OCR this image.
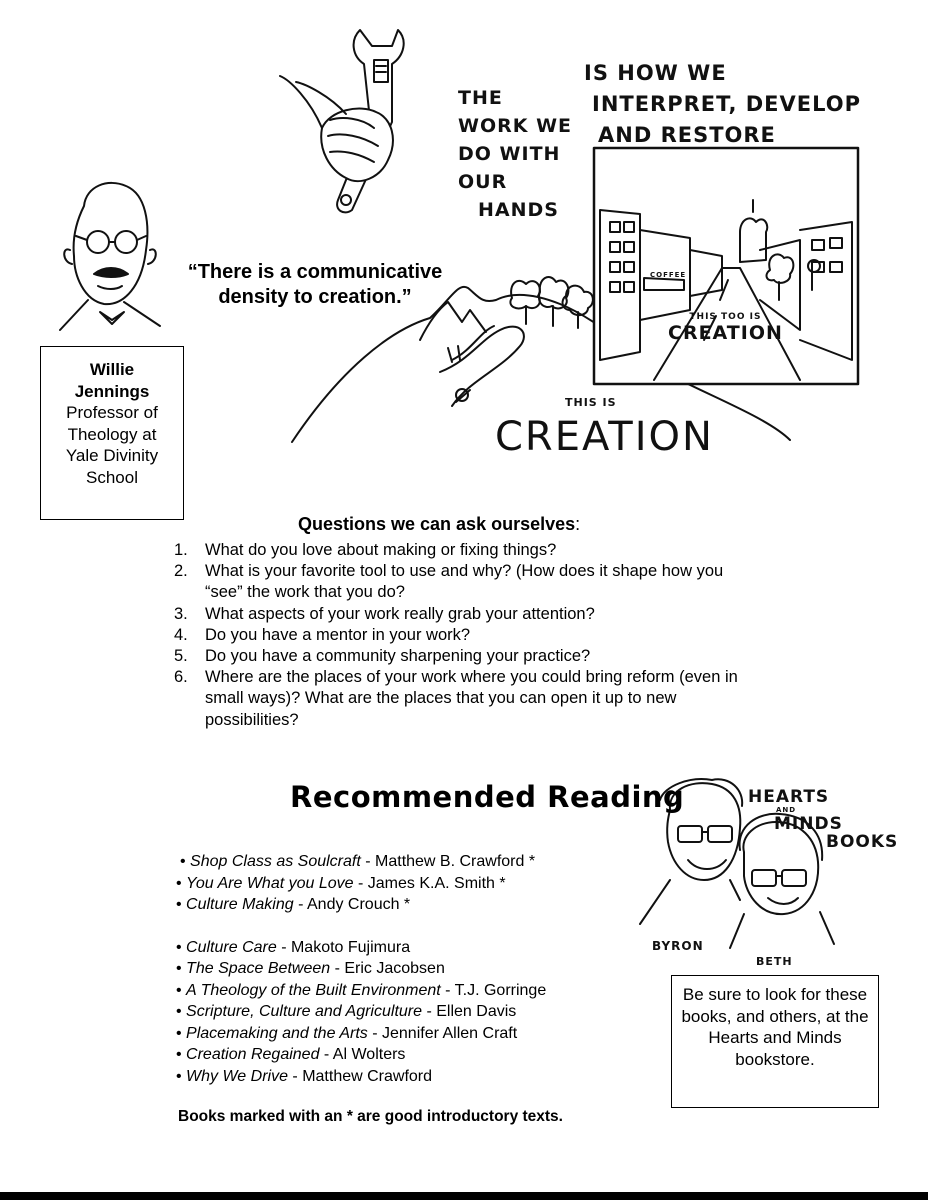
THE
WORK WE
DO WITH
OUR
HANDS
IS HOW WE
INTERPRET, DEVELOP
AND RESTORE
THIS TOO IS
CREATION
COFFEE
THIS IS
CREATION
“There is a communicative density to creation.”
Willie
Jennings
Professor of
Theology at
Yale Divinity
School
Questions we can ask ourselves:
1. What do you love about making or fixing things?
2. What is your favorite tool to use and why? (How does it shape how you “see” the work that you do?
3. What aspects of your work really grab your attention?
4. Do you have a mentor in your work?
5. Do you have a community sharpening your practice?
6. Where are the places of your work where you could bring reform (even in small ways)? What are the places that you can open it up to new possibilities?
Recommended Reading
• Shop Class as Soulcraft - Matthew B. Crawford *
• You Are What you Love - James K.A. Smith *
• Culture Making - Andy Crouch *
• Culture Care - Makoto Fujimura
• The Space Between - Eric Jacobsen
• A Theology of the Built Environment - T.J. Gorringe
• Scripture, Culture and Agriculture - Ellen Davis
• Placemaking and the Arts - Jennifer Allen Craft
• Creation Regained - Al Wolters
• Why We Drive - Matthew Crawford
Books marked with an * are good introductory texts.
HEARTS
AND
MINDS
BOOKS
BYRON
BETH
Be sure to look for these books, and others, at the Hearts and Minds bookstore.
